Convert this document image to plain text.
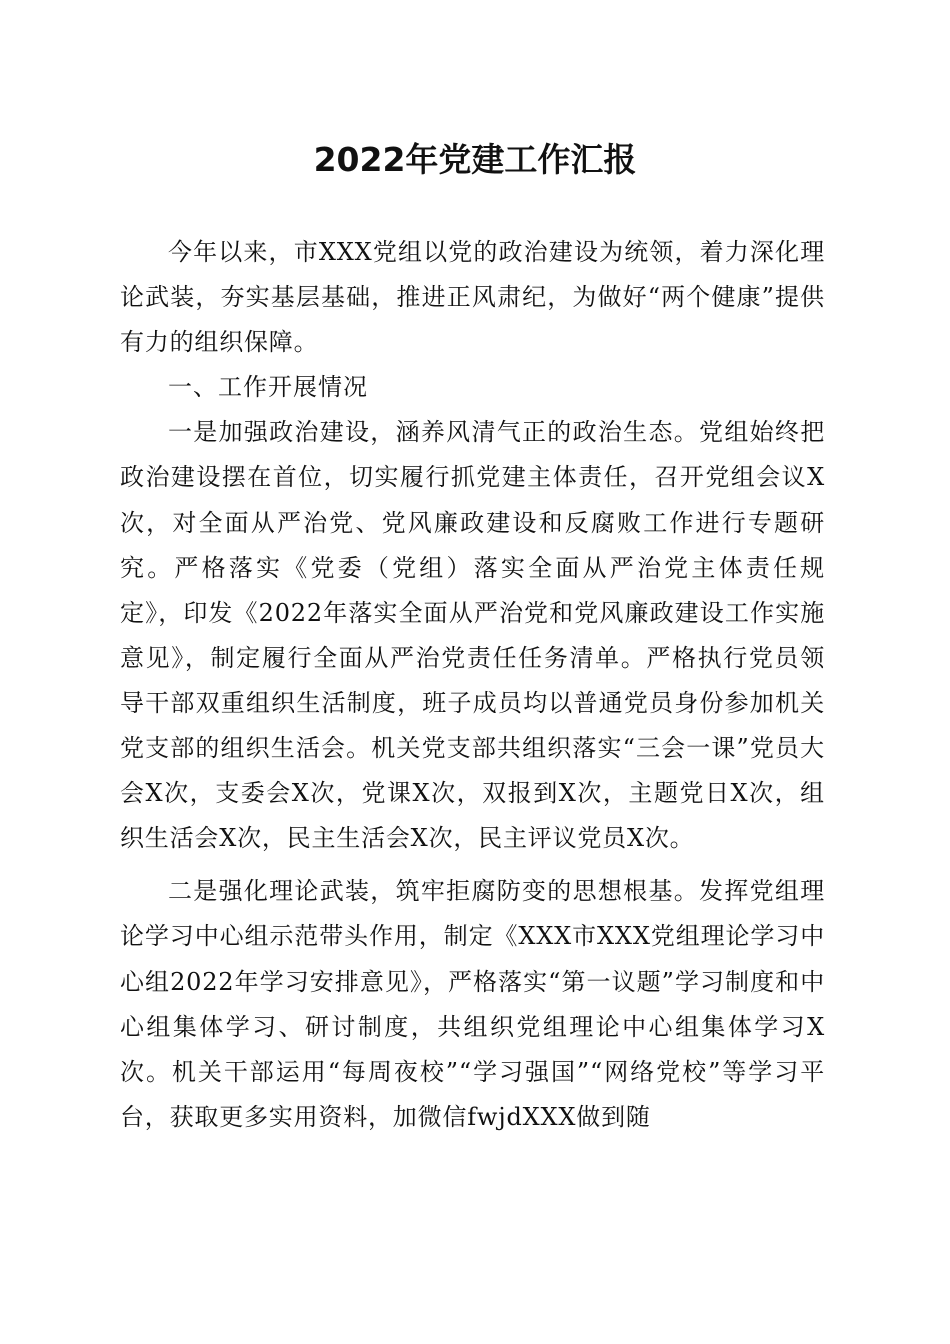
2022年党建工作汇报

今年以来，市XXX党组以党的政治建设为统领，着力深化理论武装，夯实基层基础，推进正风肃纪，为做好“两个健康”提供有力的组织保障。

一、工作开展情况

一是加强政治建设，涵养风清气正的政治生态。党组始终把政治建设摆在首位，切实履行抓党建主体责任，召开党组会议X次，对全面从严治党、党风廉政建设和反腐败工作进行专题研究。严格落实《党委（党组）落实全面从严治党主体责任规定》，印发《2022年落实全面从严治党和党风廉政建设工作实施意见》，制定履行全面从严治党责任任务清单。严格执行党员领导干部双重组织生活制度，班子成员均以普通党员身份参加机关党支部的组织生活会。机关党支部共组织落实“三会一课”党员大会X次，支委会X次，党课X次，双报到X次，主题党日X次，组织生活会X次，民主生活会X次，民主评议党员X次。

二是强化理论武装，筑牢拒腐防变的思想根基。发挥党组理论学习中心组示范带头作用，制定《XXX市XXX党组理论学习中心组2022年学习安排意见》，严格落实“第一议题”学习制度和中心组集体学习、研讨制度，共组织党组理论中心组集体学习X次。机关干部运用“每周夜校”“学习强国”“网络党校”等学习平台，获取更多实用资料，加微信fwjdXXX做到随
